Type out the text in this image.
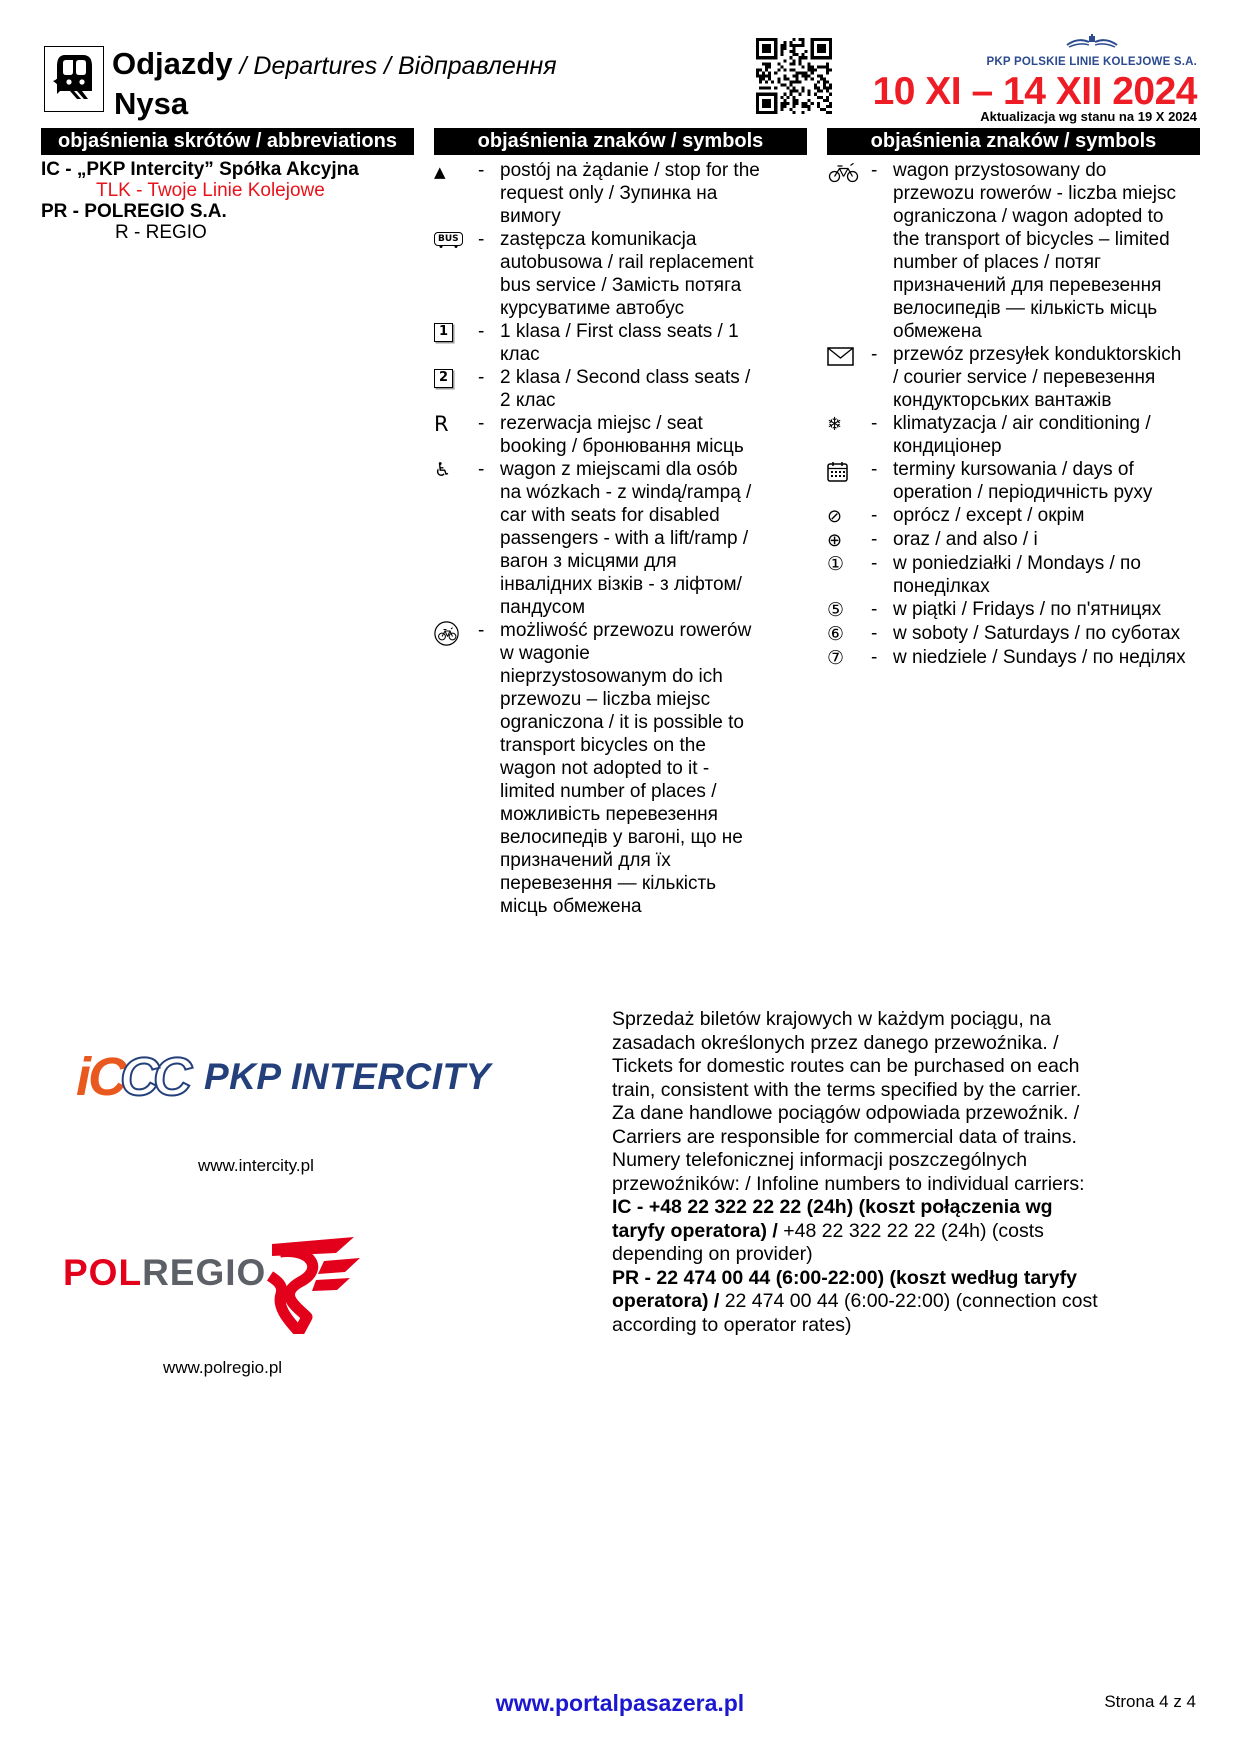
Odjazdy / Departures / Відправлення
Nysa
PKP POLSKIE LINIE KOLEJOWE S.A.
10 XI – 14 XII 2024
Aktualizacja wg stanu na 19 X 2024
objaśnienia skrótów / abbreviations
IC - „PKP Intercity” Spółka Akcyjna
TLK - Twoje Linie Kolejowe
PR - POLREGIO S.A.
R - REGIO
objaśnienia znaków / symbols
▲	- postój na żądanie / stop for the request only / Зупинка на вимогу
BUS - zastępcza komunikacja autobusowa / rail replacement bus service / Замість потяга курсуватиме автобус
1 - 1 klasa / First class seats / 1 клас
2 - 2 klasa / Second class seats / 2 клас
R	- rezerwacja miejsc / seat booking / бронювання місць
♿	- wagon z miejscami dla osób na wózkach - z windą/rampą / car with seats for disabled passengers - with a lift/ramp / вагон з місцями для інвалідних візків - з ліфтом/пандусом
- możliwość przewozu rowerów w wagonie nieprzystosowanym do ich przewozu – liczba miejsc ograniczona / it is possible to transport bicycles on the wagon not adopted to it - limited number of places / можливість перевезення велосипедів у вагоні, що не призначений для їх перевезення — кількість місць обмежена
objaśnienia znaków / symbols
- wagon przystosowany do przewozu rowerów - liczba miejsc ograniczona / wagon adopted to the transport of bicycles – limited number of places / потяг призначений для перевезення велосипедів — кількість місць обмежена
- przewóz przesyłek konduktorskich / courier service / перевезення кондукторських вантажів
❄	- klimatyzacja / air conditioning / кондиціонер
- terminy kursowania / days of operation / періодичність руху
⊘	- oprócz / except / окрім
⊕	- oraz / and also / i
①	- w poniedziałki / Mondays / по понеділках
⑤	- w piątki / Fridays / по п'ятницях
⑥	- w soboty / Saturdays / по суботах
⑦	- w niedziele / Sundays / по неділях

Sprzedaż biletów krajowych w każdym pociągu, na zasadach określonych przez danego przewoźnika. / Tickets for domestic routes can be purchased on each train, consistent with the terms specified by the carrier.

Za dane handlowe pociągów odpowiada przewoźnik. / Carriers are responsible for commercial data of trains.

Numery telefonicznej informacji poszczególnych przewoźników: / Infoline numbers to individual carriers:

IC - +48 22 322 22 22 (24h) (koszt połączenia wg taryfy operatora) / +48 22 322 22 22 (24h) (costs depending on provider)

PR - 22 474 00 44 (6:00-22:00) (koszt według taryfy operatora) / 22 474 00 44 (6:00-22:00) (connection cost according to operator rates)

iC
CC PKP INTERCITY
www.intercity.pl
POLREGIO
www.polregio.pl
www.portalpasazera.pl	Strona 4 z 4
